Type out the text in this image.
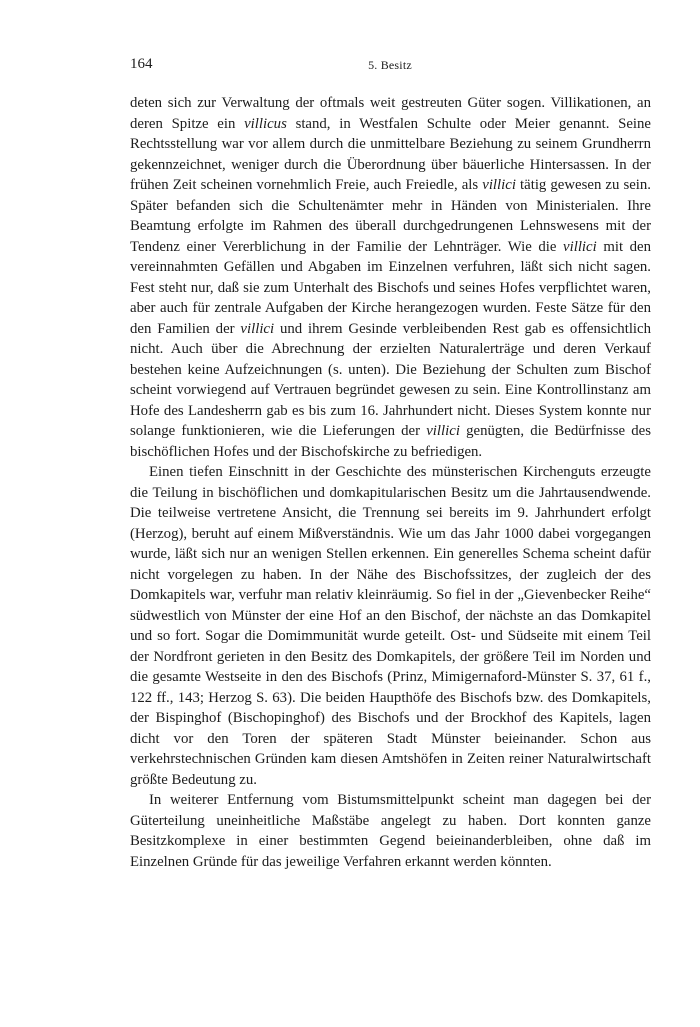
164	5. Besitz

deten sich zur Verwaltung der oftmals weit gestreuten Güter sogen. Villikationen, an deren Spitze ein villicus stand, in Westfalen Schulte oder Meier genannt. Seine Rechtsstellung war vor allem durch die unmittelbare Beziehung zu seinem Grundherrn gekennzeichnet, weniger durch die Überordnung über bäuerliche Hintersassen. In der frühen Zeit scheinen vornehmlich Freie, auch Freiedle, als villici tätig gewesen zu sein. Später befanden sich die Schultenämter mehr in Händen von Ministerialen. Ihre Beamtung erfolgte im Rahmen des überall durchgedrungenen Lehnswesens mit der Tendenz einer Vererblichung in der Familie der Lehnträger. Wie die villici mit den vereinnahmten Gefällen und Abgaben im Einzelnen verfuhren, läßt sich nicht sagen. Fest steht nur, daß sie zum Unterhalt des Bischofs und seines Hofes verpflichtet waren, aber auch für zentrale Aufgaben der Kirche herangezogen wurden. Feste Sätze für den den Familien der villici und ihrem Gesinde verbleibenden Rest gab es offensichtlich nicht. Auch über die Abrechnung der erzielten Naturalerträge und deren Verkauf bestehen keine Aufzeichnungen (s. unten). Die Beziehung der Schulten zum Bischof scheint vorwiegend auf Vertrauen begründet gewesen zu sein. Eine Kontrollinstanz am Hofe des Landesherrn gab es bis zum 16. Jahrhundert nicht. Dieses System konnte nur solange funktionieren, wie die Lieferungen der villici genügten, die Bedürfnisse des bischöflichen Hofes und der Bischofskirche zu befriedigen.

Einen tiefen Einschnitt in der Geschichte des münsterischen Kirchenguts erzeugte die Teilung in bischöflichen und domkapitularischen Besitz um die Jahrtausendwende. Die teilweise vertretene Ansicht, die Trennung sei bereits im 9. Jahrhundert erfolgt (Herzog), beruht auf einem Mißverständnis. Wie um das Jahr 1000 dabei vorgegangen wurde, läßt sich nur an wenigen Stellen erkennen. Ein generelles Schema scheint dafür nicht vorgelegen zu haben. In der Nähe des Bischofssitzes, der zugleich der des Domkapitels war, verfuhr man relativ kleinräumig. So fiel in der „Gievenbecker Reihe“ südwestlich von Münster der eine Hof an den Bischof, der nächste an das Domkapitel und so fort. Sogar die Domimmunität wurde geteilt. Ost- und Südseite mit einem Teil der Nordfront gerieten in den Besitz des Domkapitels, der größere Teil im Norden und die gesamte Westseite in den des Bischofs (Prinz, Mimigernaford-Münster S. 37, 61 f., 122 ff., 143; Herzog S. 63). Die beiden Haupthöfe des Bischofs bzw. des Domkapitels, der Bispinghof (Bischopinghof) des Bischofs und der Brockhof des Kapitels, lagen dicht vor den Toren der späteren Stadt Münster beieinander. Schon aus verkehrstechnischen Gründen kam diesen Amtshöfen in Zeiten reiner Naturalwirtschaft größte Bedeutung zu.

In weiterer Entfernung vom Bistumsmittelpunkt scheint man dagegen bei der Güterteilung uneinheitliche Maßstäbe angelegt zu haben. Dort konnten ganze Besitzkomplexe in einer bestimmten Gegend beieinanderbleiben, ohne daß im Einzelnen Gründe für das jeweilige Verfahren erkannt werden könnten.
